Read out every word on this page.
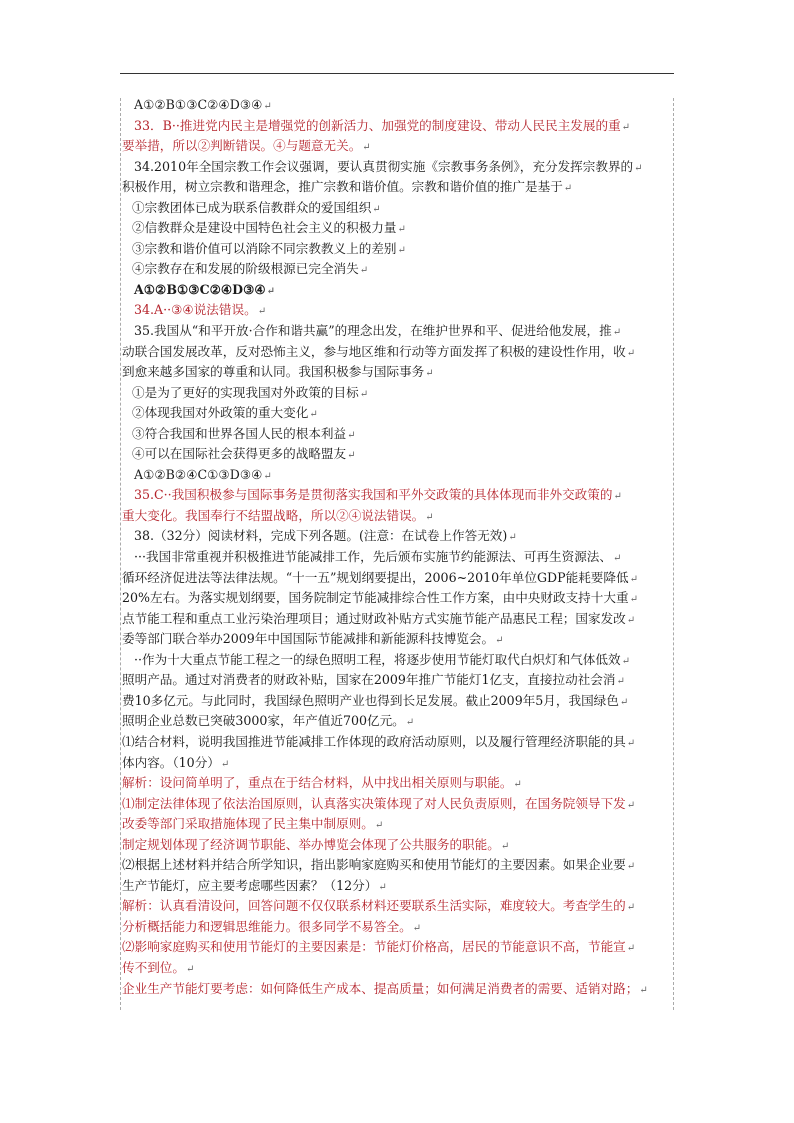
A①②B①③C②④D③④↵
33．B··推进党内民主是增强党的创新活力、加强党的制度建设、带动人民民主发展的重↵
要举措，所以②判断错误。④与题意无关。↵
34.2010年全国宗教工作会议强调，要认真贯彻实施《宗教事务条例》，充分发挥宗教界的↵
积极作用，树立宗教和谐理念，推广宗教和谐价值。宗教和谐价值的推广是基于↵
①宗教团体已成为联系信教群众的爱国组织↵
②信教群众是建设中国特色社会主义的积极力量↵
③宗教和谐价值可以消除不同宗教教义上的差别↵
④宗教存在和发展的阶级根源已完全消失↵
A①②B①③C②④D③④↵
34.A··③④说法错误。↵
35.我国从“和平开放·合作和谐共赢”的理念出发，在维护世界和平、促进给他发展，推↵
动联合国发展改革，反对恐怖主义，参与地区维和行动等方面发挥了积极的建设性作用，收↵
到愈来越多国家的尊重和认同。我国积极参与国际事务↵
①是为了更好的实现我国对外政策的目标↵
②体现我国对外政策的重大变化↵
③符合我国和世界各国人民的根本利益↵
④可以在国际社会获得更多的战略盟友↵
A①②B②④C①③D③④↵
35.C··我国积极参与国际事务是贯彻落实我国和平外交政策的具体体现而非外交政策的↵
重大变化。我国奉行不结盟战略，所以②④说法错误。↵
38.（32分）阅读材料，完成下列各题。(注意：在试卷上作答无效)↵
···我国非常重视并积极推进节能减排工作，先后颁布实施节约能源法、可再生资源法、↵
循环经济促进法等法律法规。“十一五”规划纲要提出，2006~2010年单位GDP能耗要降低↵
20%左右。为落实规划纲要，国务院制定节能减排综合性工作方案，由中央财政支持十大重↵
点节能工程和重点工业污染治理项目；通过财政补贴方式实施节能产品惠民工程；国家发改↵
委等部门联合举办2009年中国国际节能减排和新能源科技博览会。↵
··作为十大重点节能工程之一的绿色照明工程，将逐步使用节能灯取代白炽灯和气体低效↵
照明产品。通过对消费者的财政补贴，国家在2009年推广节能灯1亿支，直接拉动社会消↵
费10多亿元。与此同时，我国绿色照明产业也得到长足发展。截止2009年5月，我国绿色↵
照明企业总数已突破3000家，年产值近700亿元。↵
⑴结合材料，说明我国推进节能减排工作体现的政府活动原则，以及履行管理经济职能的具↵
体内容。（10分）↵
解析：设问简单明了，重点在于结合材料，从中找出相关原则与职能。↵
⑴制定法律体现了依法治国原则，认真落实决策体现了对人民负责原则，在国务院领导下发↵
改委等部门采取措施体现了民主集中制原则。↵
制定规划体现了经济调节职能、举办博览会体现了公共服务的职能。↵
⑵根据上述材料并结合所学知识，指出影响家庭购买和使用节能灯的主要因素。如果企业要↵
生产节能灯，应主要考虑哪些因素？（12分）↵
解析：认真看清设问，回答问题不仅仅联系材料还要联系生活实际，难度较大。考查学生的↵
分析概括能力和逻辑思维能力。很多同学不易答全。↵
⑵影响家庭购买和使用节能灯的主要因素是：节能灯价格高，居民的节能意识不高，节能宣↵
传不到位。↵
企业生产节能灯要考虑：如何降低生产成本、提高质量；如何满足消费者的需要、适销对路；↵
